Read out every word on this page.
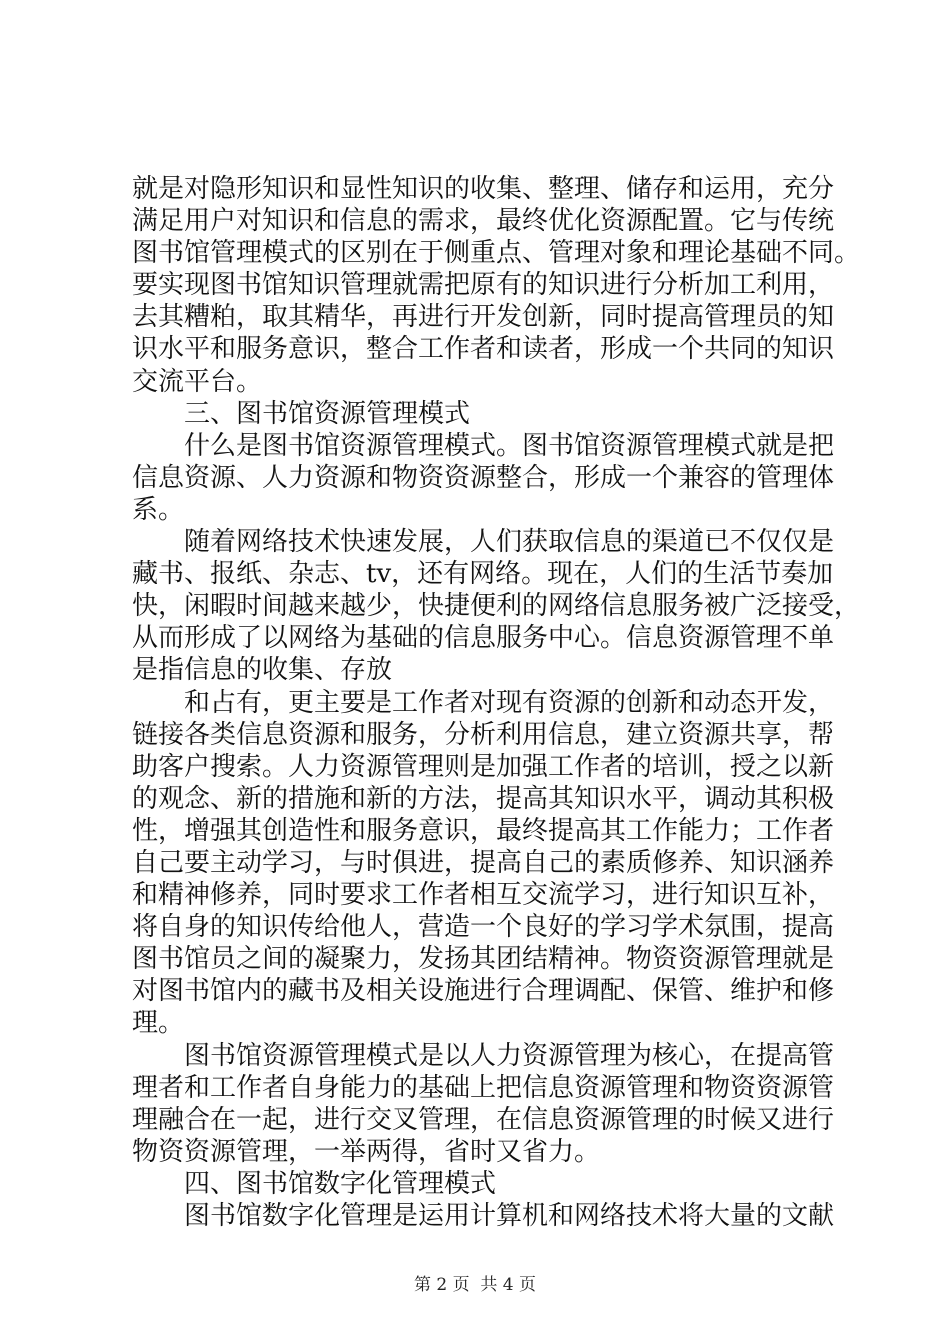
就是对隐形知识和显性知识的收集、整理、储存和运用，充分
满足用户对知识和信息的需求，最终优化资源配置。它与传统
图书馆管理模式的区别在于侧重点、管理对象和理论基础不同。
要实现图书馆知识管理就需把原有的知识进行分析加工利用，
去其糟粕，取其精华，再进行开发创新，同时提高管理员的知
识水平和服务意识，整合工作者和读者，形成一个共同的知识
交流平台。
三、图书馆资源管理模式
什么是图书馆资源管理模式。图书馆资源管理模式就是把
信息资源、人力资源和物资资源整合，形成一个兼容的管理体
系。
随着网络技术快速发展，人们获取信息的渠道已不仅仅是
藏书、报纸、杂志、tv，还有网络。现在，人们的生活节奏加
快，闲暇时间越来越少，快捷便利的网络信息服务被广泛接受，
从而形成了以网络为基础的信息服务中心。信息资源管理不单
是指信息的收集、存放
和占有，更主要是工作者对现有资源的创新和动态开发，
链接各类信息资源和服务，分析利用信息，建立资源共享，帮
助客户搜索。人力资源管理则是加强工作者的培训，授之以新
的观念、新的措施和新的方法，提高其知识水平，调动其积极
性，增强其创造性和服务意识，最终提高其工作能力；工作者
自己要主动学习，与时俱进，提高自己的素质修养、知识涵养
和精神修养，同时要求工作者相互交流学习，进行知识互补，
将自身的知识传给他人，营造一个良好的学习学术氛围，提高
图书馆员之间的凝聚力，发扬其团结精神。物资资源管理就是
对图书馆内的藏书及相关设施进行合理调配、保管、维护和修
理。
图书馆资源管理模式是以人力资源管理为核心，在提高管
理者和工作者自身能力的基础上把信息资源管理和物资资源管
理融合在一起，进行交叉管理，在信息资源管理的时候又进行
物资资源管理，一举两得，省时又省力。
四、图书馆数字化管理模式
图书馆数字化管理是运用计算机和网络技术将大量的文献
第 2 页  共 4 页
